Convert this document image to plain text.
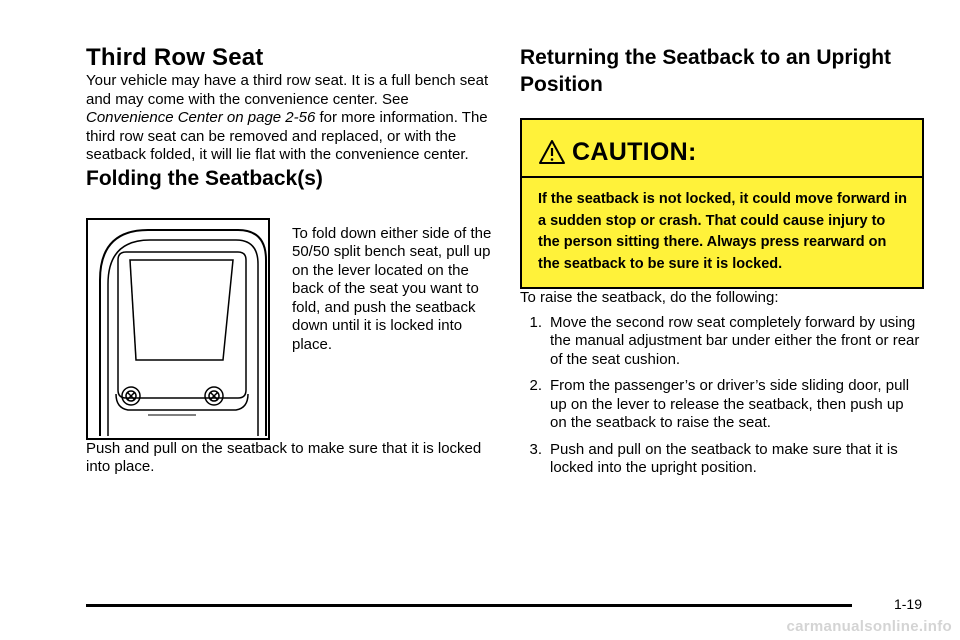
Third Row Seat

Your vehicle may have a third row seat. It is a full bench seat and may come with the convenience center. See Convenience Center on page 2-56 for more information. The third row seat can be removed and replaced, or with the seatback folded, it will lie flat with the convenience center.

Folding the Seatback(s)

To fold down either side of the 50/50 split bench seat, pull up on the lever located on the back of the seat you want to fold, and push the seatback down until it is locked into place.

Push and pull on the seatback to make sure that it is locked into place.

Returning the Seatback to an Upright Position
CAUTION:
If the seatback is not locked, it could move forward in a sudden stop or crash. That could cause injury to the person sitting there. Always press rearward on the seatback to be sure it is locked.

To raise the seatback, do the following:

1. Move the second row seat completely forward by using the manual adjustment bar under either the front or rear of the seat cushion.
2. From the passenger’s or driver’s side sliding door, pull up on the lever to release the seatback, then push up on the seatback to raise the seat.
3. Push and pull on the seatback to make sure that it is locked into the upright position.
1-19
carmanualsonline.info
